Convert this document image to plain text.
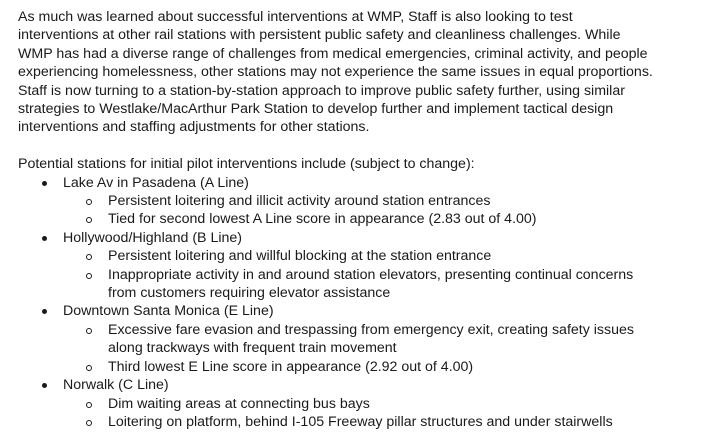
As much was learned about successful interventions at WMP, Staff is also looking to test
interventions at other rail stations with persistent public safety and cleanliness challenges. While
WMP has had a diverse range of challenges from medical emergencies, criminal activity, and people
experiencing homelessness, other stations may not experience the same issues in equal proportions.
Staff is now turning to a station-by-station approach to improve public safety further, using similar
strategies to Westlake/MacArthur Park Station to develop further and implement tactical design
interventions and staffing adjustments for other stations.

Potential stations for initial pilot interventions include (subject to change):

Lake Av in Pasadena (A Line)
Persistent loitering and illicit activity around station entrances
Tied for second lowest A Line score in appearance (2.83 out of 4.00)
Hollywood/Highland (B Line)
Persistent loitering and willful blocking at the station entrance
Inappropriate activity in and around station elevators, presenting continual concerns
from customers requiring elevator assistance
Downtown Santa Monica (E Line)
Excessive fare evasion and trespassing from emergency exit, creating safety issues
along trackways with frequent train movement
Third lowest E Line score in appearance (2.92 out of 4.00)
Norwalk (C Line)
Dim waiting areas at connecting bus bays
Loitering on platform, behind I-105 Freeway pillar structures and under stairwells
